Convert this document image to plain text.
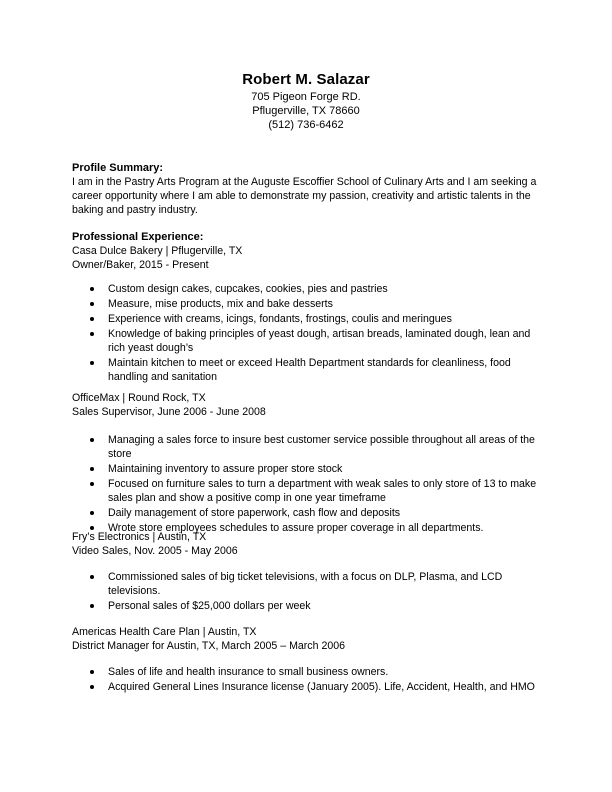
Robert M. Salazar
705 Pigeon Forge RD.
Pflugerville, TX 78660
(512) 736-6462
Profile Summary:

I am in the Pastry Arts Program at the Auguste Escoffier School of Culinary Arts and I am seeking a career opportunity where I am able to demonstrate my passion, creativity and artistic talents in the baking and pastry industry.

Professional Experience:

Casa Dulce Bakery | Pflugerville, TX

Owner/Baker, 2015 - Present

Custom design cakes, cupcakes, cookies, pies and pastries
Measure, mise products, mix and bake desserts
Experience with creams, icings, fondants, frostings, coulis and meringues
Knowledge of baking principles of yeast dough, artisan breads, laminated dough, lean and rich yeast dough’s
Maintain kitchen to meet or exceed Health Department standards for cleanliness, food handling and sanitation

OfficeMax | Round Rock, TX

Sales Supervisor, June 2006 - June 2008

Managing a sales force to insure best customer service possible throughout all areas of the store
Maintaining inventory to assure proper store stock
Focused on furniture sales to turn a department with weak sales to only store of 13 to make sales plan and show a positive comp in one year timeframe
Daily management of store paperwork, cash flow and deposits
Wrote store employees schedules to assure proper coverage in all departments.

Fry’s Electronics | Austin, TX

Video Sales, Nov. 2005 - May 2006

Commissioned sales of big ticket televisions, with a focus on DLP, Plasma, and LCD televisions.
Personal sales of $25,000 dollars per week

Americas Health Care Plan | Austin, TX

District Manager for Austin, TX, March 2005 – March 2006

Sales of life and health insurance to small business owners.
Acquired General Lines Insurance license (January 2005). Life, Accident, Health, and HMO
